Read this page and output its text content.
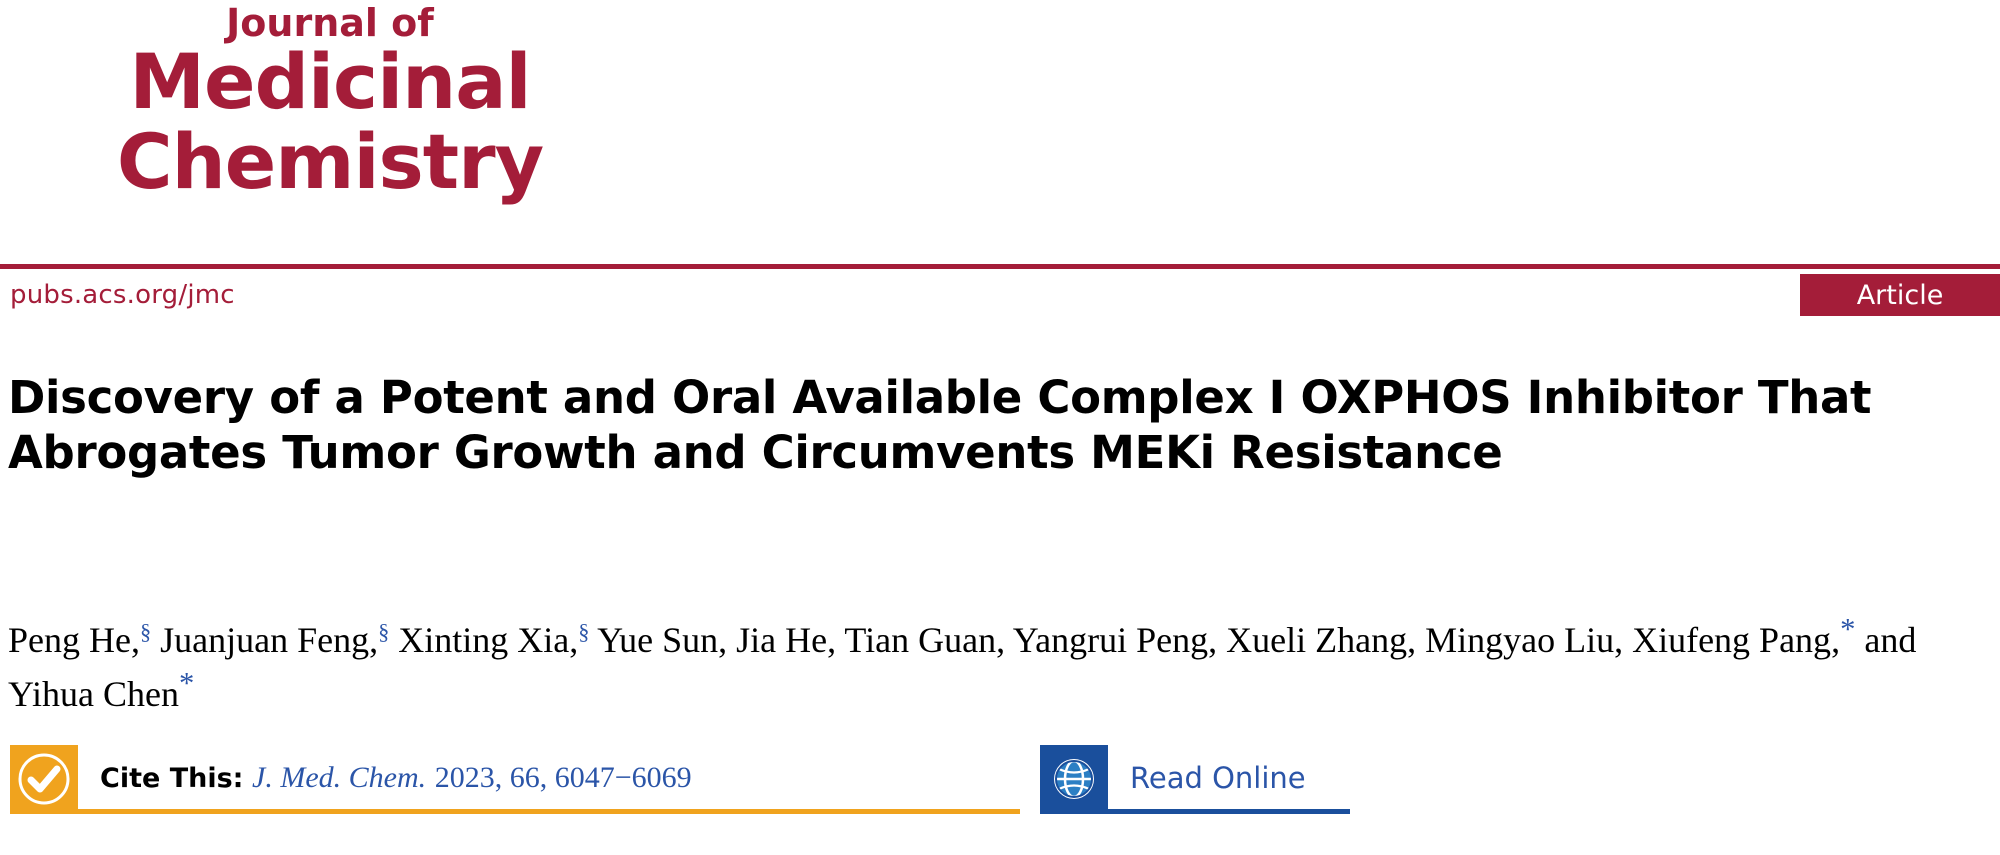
Journal of
Medicinal
Chemistry
pubs.acs.org/jmc	Article
Discovery of a Potent and Oral Available Complex I OXPHOS Inhibitor That Abrogates Tumor Growth and Circumvents MEKi Resistance
Peng He,§ Juanjuan Feng,§ Xinting Xia,§ Yue Sun, Jia He, Tian Guan, Yangrui Peng, Xueli Zhang, Mingyao Liu, Xiufeng Pang,* and Yihua Chen*
Cite This: J. Med. Chem. 2023, 66, 6047−6069	Read Online
